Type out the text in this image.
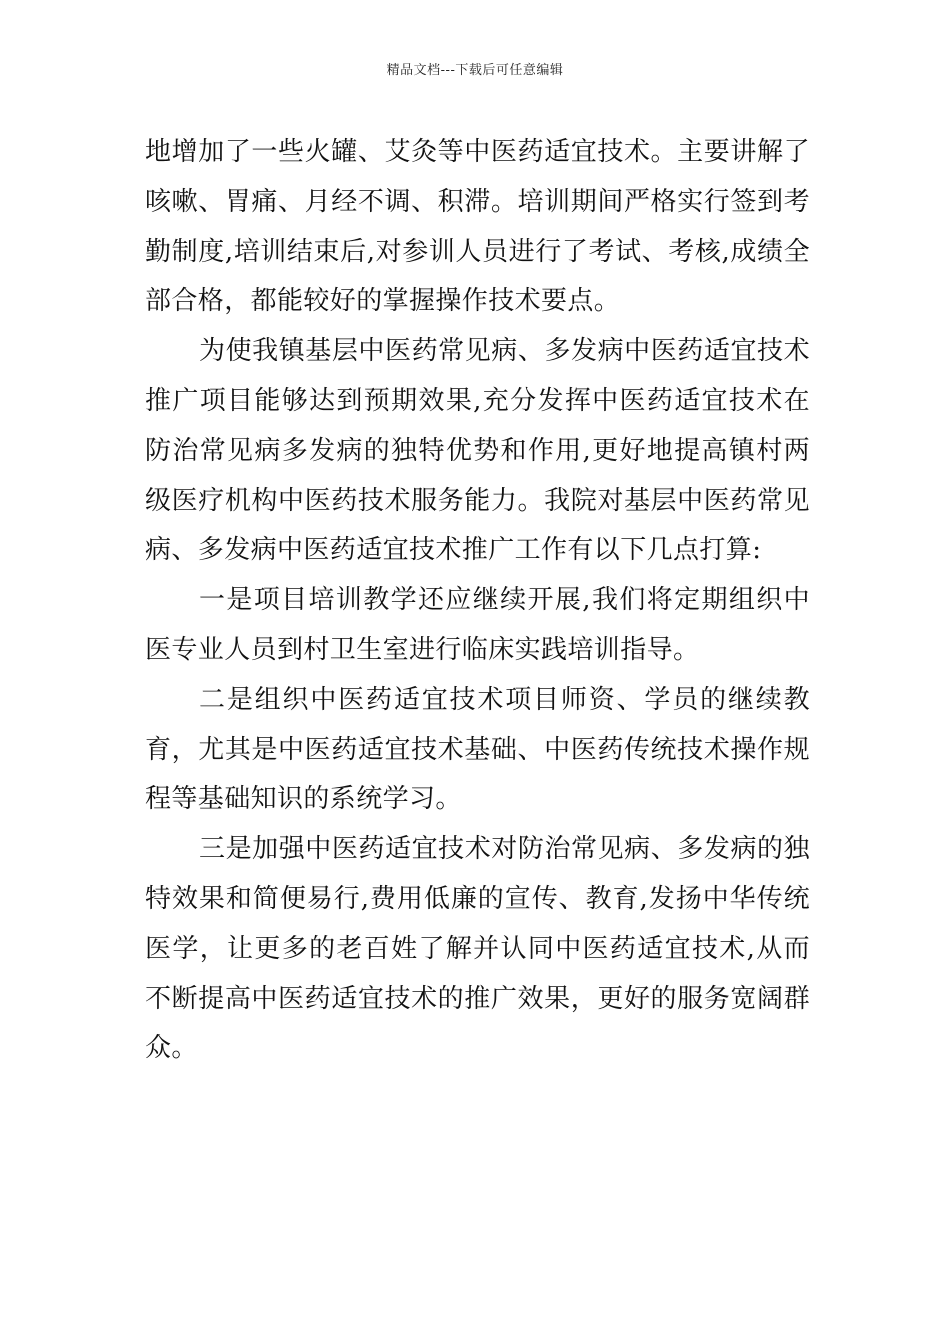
精品文档---下载后可任意编辑

地增加了一些火罐、艾灸等中医药适宜技术。主要讲解了咳嗽、胃痛、月经不调、积滞。培训期间严格实行签到考勤制度,培训结束后,对参训人员进行了考试、考核,成绩全部合格，都能较好的掌握操作技术要点。

为使我镇基层中医药常见病、多发病中医药适宜技术推广项目能够达到预期效果,充分发挥中医药适宜技术在防治常见病多发病的独特优势和作用,更好地提高镇村两级医疗机构中医药技术服务能力。我院对基层中医药常见病、多发病中医药适宜技术推广工作有以下几点打算:

一是项目培训教学还应继续开展,我们将定期组织中医专业人员到村卫生室进行临床实践培训指导。

二是组织中医药适宜技术项目师资、学员的继续教育，尤其是中医药适宜技术基础、中医药传统技术操作规程等基础知识的系统学习。

三是加强中医药适宜技术对防治常见病、多发病的独特效果和简便易行,费用低廉的宣传、教育,发扬中华传统医学，让更多的老百姓了解并认同中医药适宜技术,从而不断提高中医药适宜技术的推广效果，更好的服务宽阔群众。
